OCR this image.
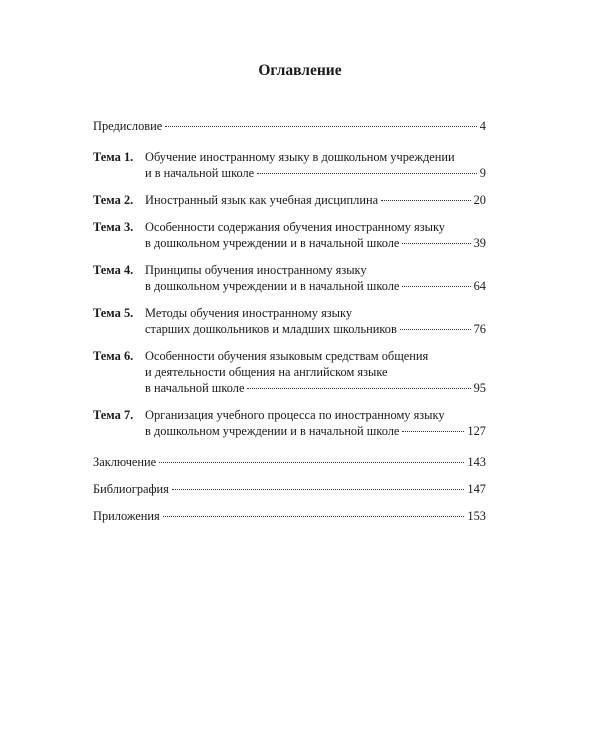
Оглавление
Предисловие	4
Тема 1. Обучение иностранному языку в дошкольном учреждении
и в начальной школе	9
Тема 2. Иностранный язык как учебная дисциплина	20
Тема 3. Особенности содержания обучения иностранному языку
в дошкольном учреждении и в начальной школе	39
Тема 4. Принципы обучения иностранному языку
в дошкольном учреждении и в начальной школе	64
Тема 5. Методы обучения иностранному языку
старших дошкольников и младших школьников	76
Тема 6. Особенности обучения языковым средствам общения
и деятельности общения на английском языке
в начальной школе	95
Тема 7. Организация учебного процесса по иностранному языку
в дошкольном учреждении и в начальной школе	127
Заключение	143
Библиография	147
Приложения	153
